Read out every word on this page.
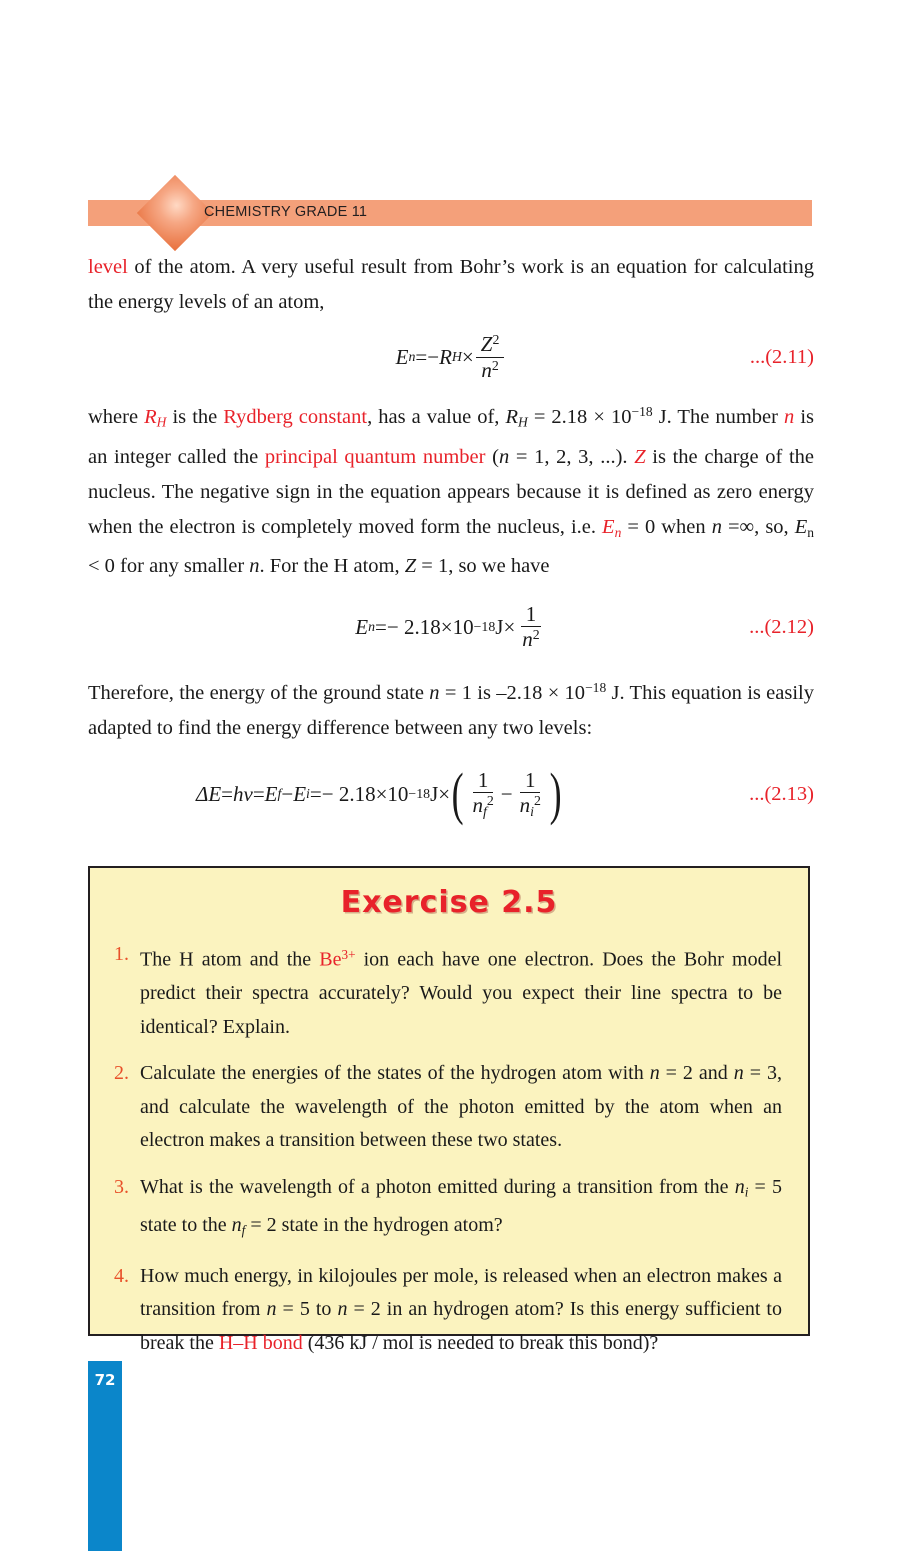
CHEMISTRY GRADE 11

level of the atom. A very useful result from Bohr’s work is an equation for calculating the energy levels of an atom,

E n = − R $H \times \frac{Z^2}{n^2}$	...(2.11)

where $R_H$ is the Rydberg constant, has a value of, $R_H = 2.18 \times 10^{-18}$ J. The number n is an integer called the principal quantum number (n = 1, 2, 3, ...). Z is the charge of the nucleus. The negative sign in the equation appears because it is defined as zero energy when the electron is completely moved form the nucleus, i.e. $E_n = 0$ when n =∞, so, $E_n < 0$ for any smaller n. For the H atom, Z = 1, so we have

E n = − 2.18×10 −18 $J\times \frac{1}{n^2}$	...(2.12)

Therefore, the energy of the ground state n = 1 is $-2.18 \times 10^{-18}$ J. This equation is easily adapted to find the energy difference between any two levels:

ΔE = hv = E f − E i = − 2.18×10 −18 J× ( $\frac{1}{n_f^2} - \frac{1}{n_i^2}$ )	...(2.13)
Exercise 2.5
The H atom and the $Be^{3+}$ ion each have one electron. Does the Bohr model predict their spectra accurately? Would you expect their line spectra to be identical? Explain.
Calculate the energies of the states of the hydrogen atom with n = 2 and n = 3, and calculate the wavelength of the photon emitted by the atom when an electron makes a transition between these two states.
What is the wavelength of a photon emitted during a transition from the $n_i = 5$ state to the $n_f = 2$ state in the hydrogen atom?
How much energy, in kilojoules per mole, is released when an electron makes a transition from n = 5 to n = 2 in an hydrogen atom? Is this energy sufficient to break the H–H bond (436 kJ / mol is needed to break this bond)?
72
